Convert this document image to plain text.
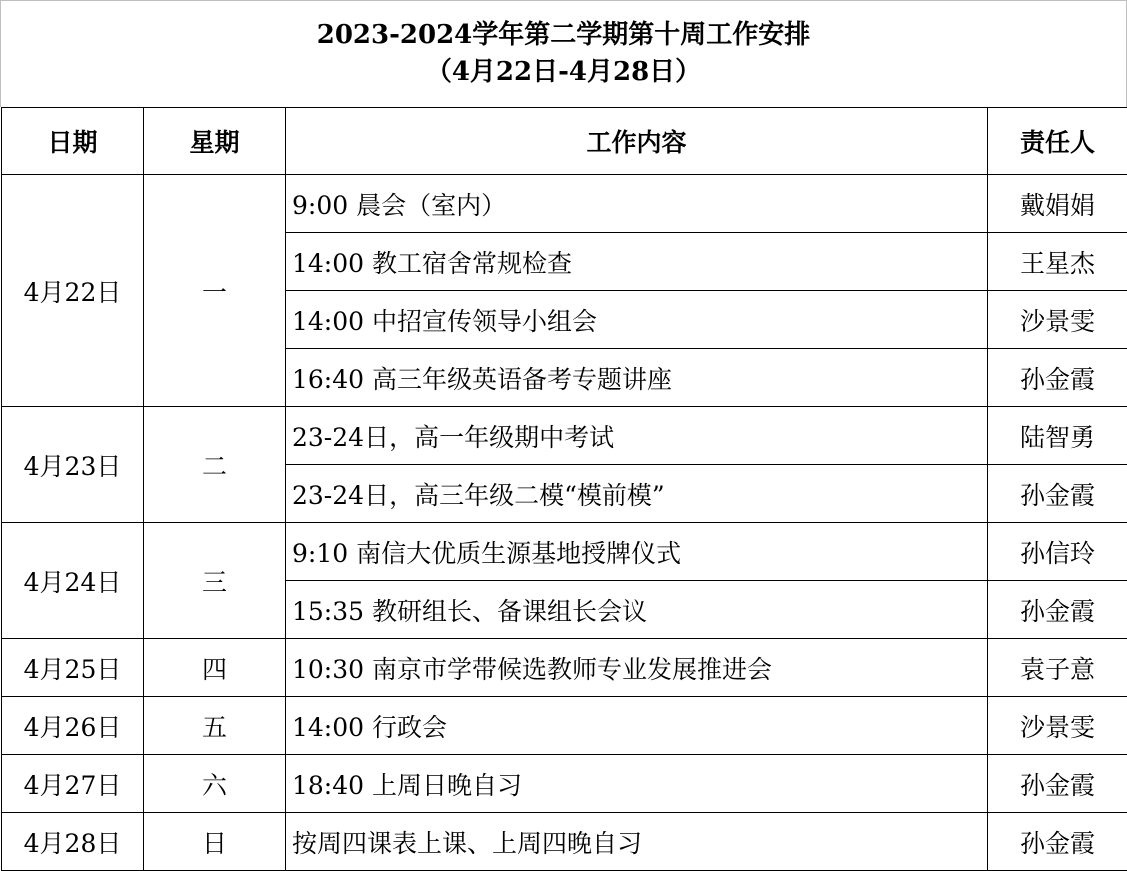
2023-2024学年第二学期第十周工作安排
（4月22日-4月28日）
日期	星期	工作内容	责任人
4月22日	一	9:00 晨会（室内）	戴娟娟
		14:00 教工宿舍常规检查	王星杰
		14:00 中招宣传领导小组会	沙景雯
		16:40 高三年级英语备考专题讲座	孙金霞
4月23日	二	23-24日，高一年级期中考试	陆智勇
		23-24日，高三年级二模“模前模”	孙金霞
4月24日	三	9:10 南信大优质生源基地授牌仪式	孙信玲
		15:35 教研组长、备课组长会议	孙金霞
4月25日	四	10:30 南京市学带候选教师专业发展推进会	袁子意
4月26日	五	14:00 行政会	沙景雯
4月27日	六	18:40 上周日晚自习	孙金霞
4月28日	日	按周四课表上课、上周四晚自习	孙金霞
